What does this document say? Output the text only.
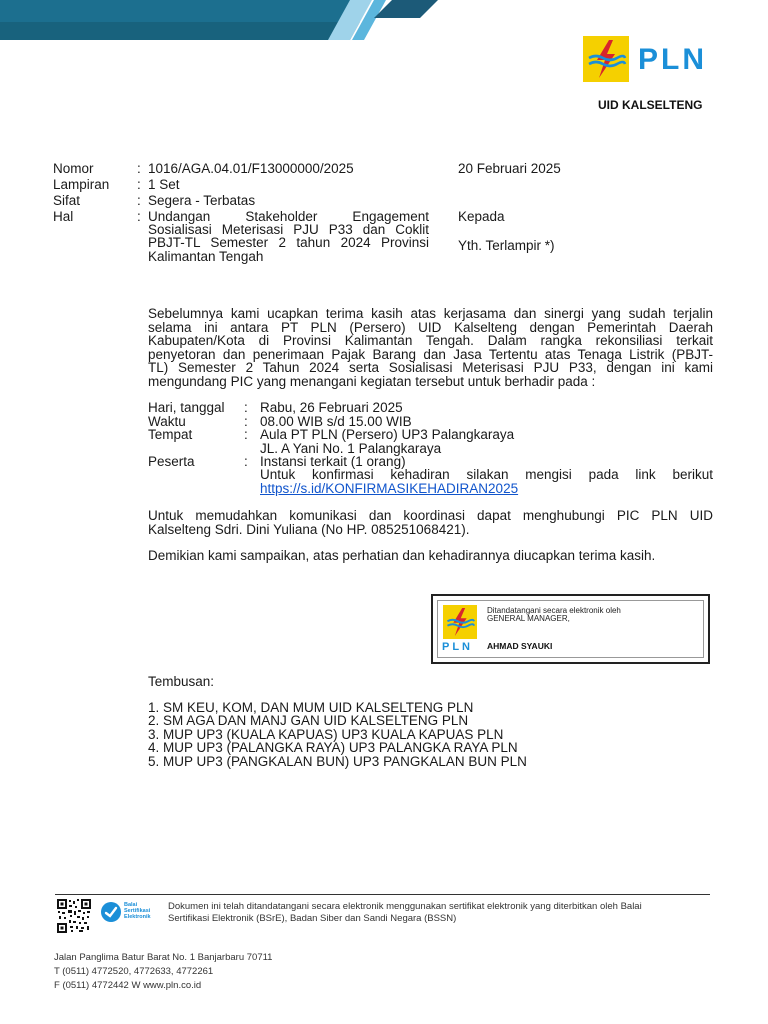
PLN
UID KALSELTENG
Nomor	: 1016/AGA.04.01/F13000000/2025	20 Februari 2025
Lampiran : 1 Set
Sifat	: Segera - Terbatas
Hal	: Undangan Stakeholder Engagement
Sosialisasi Meterisasi PJU P33 dan Coklit
PBJT-TL Semester 2 tahun 2024 Provinsi
Kalimantan Tengah
Kepada
Yth. Terlampir *)
Sebelumnya kami ucapkan terima kasih atas kerjasama dan sinergi yang sudah terjalin
selama ini antara PT PLN (Persero) UID Kalselteng dengan Pemerintah Daerah
Kabupaten/Kota di Provinsi Kalimantan Tengah. Dalam rangka rekonsiliasi terkait
penyetoran dan penerimaan Pajak Barang dan Jasa Tertentu atas Tenaga Listrik (PBJT-
TL) Semester 2 Tahun 2024 serta Sosialisasi Meterisasi PJU P33, dengan ini kami
mengundang PIC yang menangani kegiatan tersebut untuk berhadir pada :
Hari, tanggal : Rabu, 26 Februari 2025
Waktu	: 08.00 WIB s/d 15.00 WIB
Tempat	: Aula PT PLN (Persero) UP3 Palangkaraya
JL. A Yani No. 1 Palangkaraya
Peserta	: Instansi terkait (1 orang)
Untuk konfirmasi kehadiran silakan mengisi pada link berikut
https://s.id/KONFIRMASIKEHADIRAN2025
Untuk memudahkan komunikasi dan koordinasi dapat menghubungi PIC PLN UID
Kalselteng Sdri. Dini Yuliana (No HP. 085251068421).
Demikian kami sampaikan, atas perhatian dan kehadirannya diucapkan terima kasih.
PLN
Ditandatangani secara elektronik oleh
GENERAL MANAGER,
AHMAD SYAUKI
Tembusan:
1. SM KEU, KOM, DAN MUM UID KALSELTENG PLN
2. SM AGA DAN MANJ GAN UID KALSELTENG PLN
3. MUP UP3 (KUALA KAPUAS) UP3 KUALA KAPUAS PLN
4. MUP UP3 (PALANGKA RAYA) UP3 PALANGKA RAYA PLN
5. MUP UP3 (PANGKALAN BUN) UP3 PANGKALAN BUN PLN
Balai
Sertifikasi
Elektronik
Dokumen ini telah ditandatangani secara elektronik menggunakan sertifikat elektronik yang diterbitkan oleh Balai
Sertifikasi Elektronik (BSrE), Badan Siber dan Sandi Negara (BSSN)
Jalan Panglima Batur Barat No. 1 Banjarbaru 70711
T (0511) 4772520, 4772633, 4772261
F (0511) 4772442 W www.pln.co.id
